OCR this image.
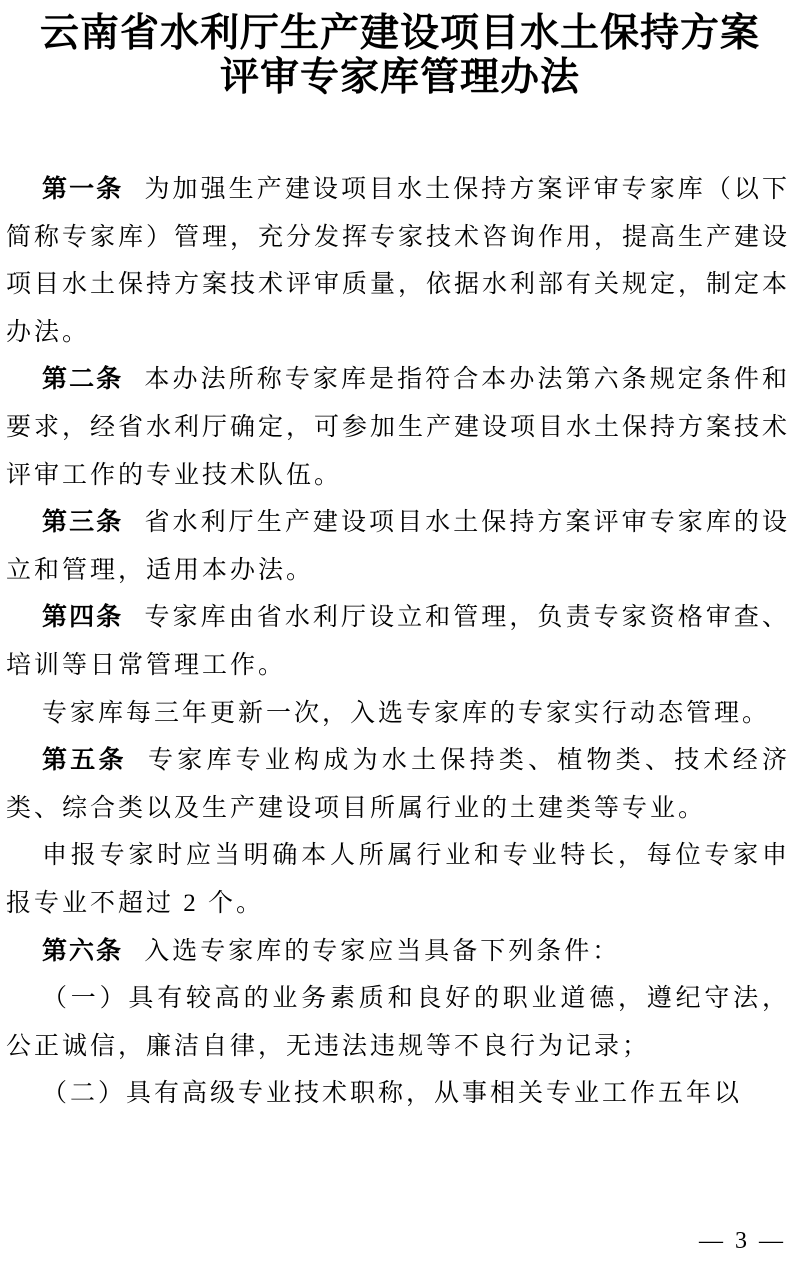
云南省水利厅生产建设项目水土保持方案
评审专家库管理办法

第一条 为加强生产建设项目水土保持方案评审专家库（以下简称专家库）管理，充分发挥专家技术咨询作用，提高生产建设项目水土保持方案技术评审质量，依据水利部有关规定，制定本办法。

第二条 本办法所称专家库是指符合本办法第六条规定条件和要求，经省水利厅确定，可参加生产建设项目水土保持方案技术评审工作的专业技术队伍。

第三条 省水利厅生产建设项目水土保持方案评审专家库的设立和管理，适用本办法。

第四条 专家库由省水利厅设立和管理，负责专家资格审查、培训等日常管理工作。

专家库每三年更新一次，入选专家库的专家实行动态管理。

第五条 专家库专业构成为水土保持类、植物类、技术经济类、综合类以及生产建设项目所属行业的土建类等专业。

申报专家时应当明确本人所属行业和专业特长，每位专家申报专业不超过 2 个。

第六条 入选专家库的专家应当具备下列条件：

（一）具有较高的业务素质和良好的职业道德，遵纪守法，公正诚信，廉洁自律，无违法违规等不良行为记录；

（二）具有高级专业技术职称，从事相关专业工作五年以

— 3 —
